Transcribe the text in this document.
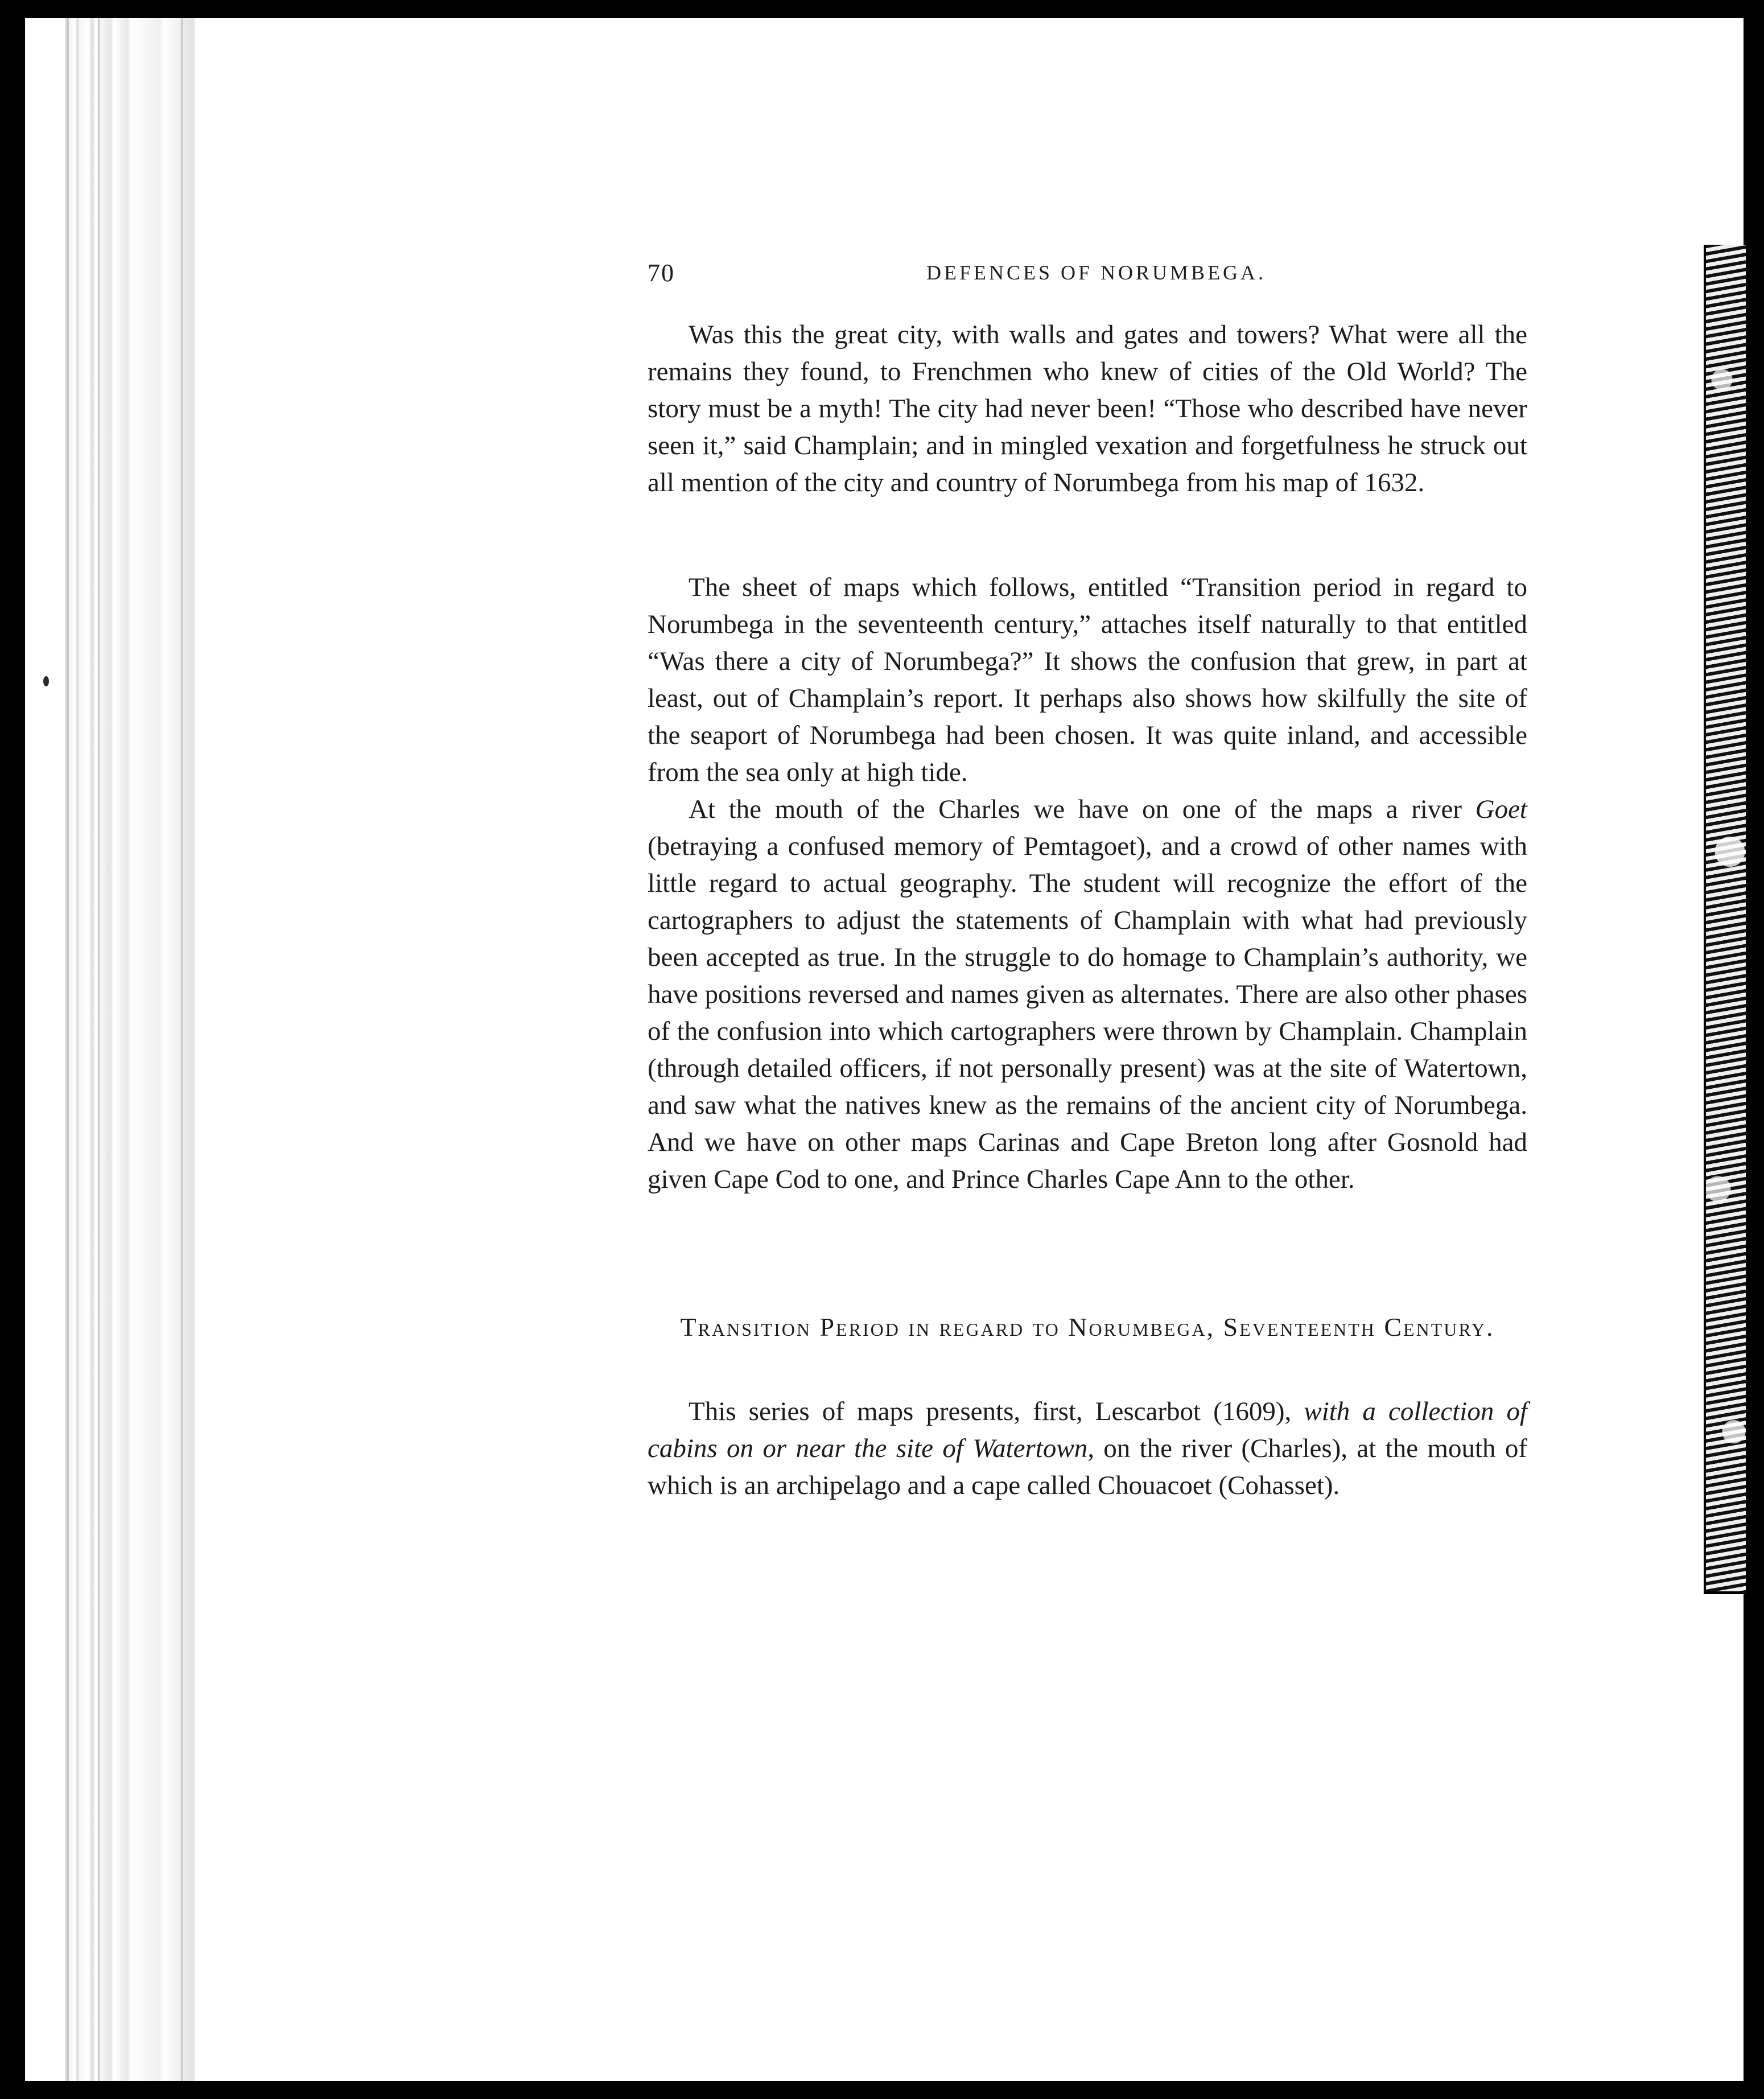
70	DEFENCES OF NORUMBEGA.

Was this the great city, with walls and gates and towers? What were all the remains they found, to Frenchmen who knew of cities of the Old World? The story must be a myth! The city had never been! “Those who described have never seen it,” said Champlain; and in mingled vexation and forgetfulness he struck out all mention of the city and country of Norumbega from his map of 1632.

The sheet of maps which follows, entitled “Transition period in regard to Norumbega in the seventeenth century,” attaches itself naturally to that entitled “Was there a city of Norumbega?” It shows the confusion that grew, in part at least, out of Champlain’s report. It perhaps also shows how skilfully the site of the seaport of Norumbega had been chosen. It was quite inland, and accessible from the sea only at high tide.

At the mouth of the Charles we have on one of the maps a river Goet (betraying a confused memory of Pemtagoet), and a crowd of other names with little regard to actual geography. The student will recognize the effort of the cartographers to adjust the statements of Champlain with what had previously been accepted as true. In the struggle to do homage to Champlain’s authority, we have positions reversed and names given as alternates. There are also other phases of the confusion into which cartographers were thrown by Champlain. Champlain (through detailed officers, if not personally present) was at the site of Watertown, and saw what the natives knew as the remains of the ancient city of Norumbega. And we have on other maps Carinas and Cape Breton long after Gosnold had given Cape Cod to one, and Prince Charles Cape Ann to the other.

Transition Period in regard to Norumbega, Seventeenth Century.

This series of maps presents, first, Lescarbot (1609), with a collection of cabins on or near the site of Watertown, on the river (Charles), at the mouth of which is an archipelago and a cape called Chouacoet (Cohasset).
